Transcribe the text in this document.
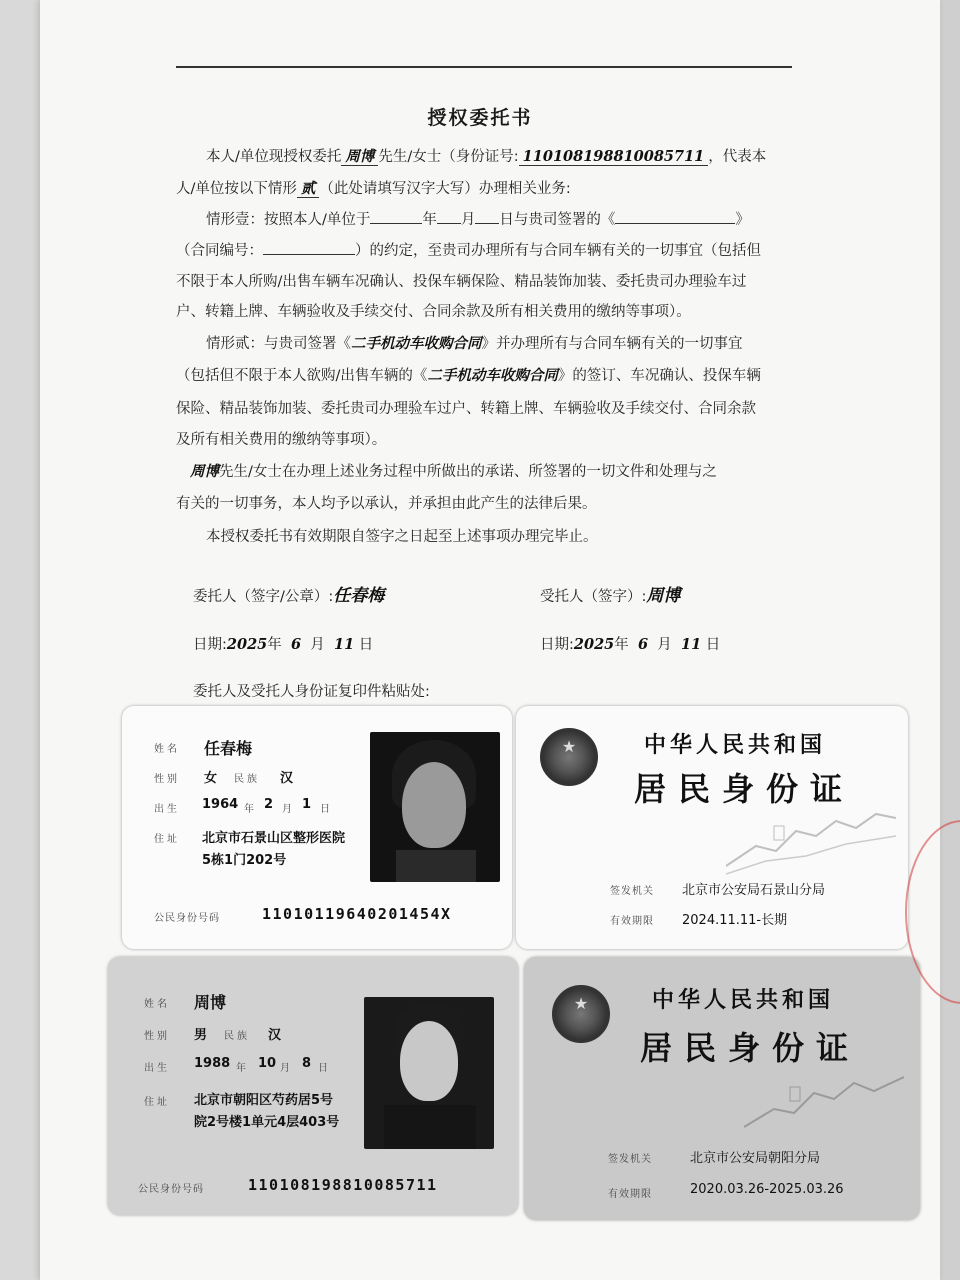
授权委托书
本人/单位现授权委托 周博 先生/女士（身份证号: 110108198810085711 ，代表本
人/单位按以下情形 贰 （此处请填写汉字大写）办理相关业务:
情形壹：按照本人/单位于	年 月 日与贵司签署的《	》
（合同编号：	）的约定，至贵司办理所有与合同车辆有关的一切事宜（包括但
不限于本人所购/出售车辆车况确认、投保车辆保险、精品装饰加装、委托贵司办理验车过
户、转籍上牌、车辆验收及手续交付、合同余款及所有相关费用的缴纳等事项）。
情形贰：与贵司签署《二手机动车收购合同》并办理所有与合同车辆有关的一切事宜
（包括但不限于本人欲购/出售车辆的《二手机动车收购合同》的签订、车况确认、投保车辆
保险、精品装饰加装、委托贵司办理验车过户、转籍上牌、车辆验收及手续交付、合同余款
及所有相关费用的缴纳等事项）。
周博先生/女士在办理上述业务过程中所做出的承诺、所签署的一切文件和处理与之
有关的一切事务，本人均予以承认，并承担由此产生的法律后果。
本授权委托书有效期限自签字之日起至上述事项办理完毕止。
委托人（签字/公章）:任春梅	受托人（签字）:周博
日期:2025年 6 月 11 日	日期:2025年 6 月 11 日
委托人及受托人身份证复印件粘贴处:
姓名 任春梅
性别 女 民族 汉
出生 1964 年 2 月 1 日
住址 北京市石景山区整形医院
5栋1门202号
公民身份号码	11010119640201454X
★
中华人民共和国
居民身份证
签发机关 北京市公安局石景山分局
有效期限 2024.11.11-长期
姓名 周博
性别 男 民族 汉
出生 1988 年 10 月 8 日
住址 北京市朝阳区芍药居5号
院2号楼1单元4层403号
公民身份号码	110108198810085711
★
中华人民共和国
居民身份证
签发机关	北京市公安局朝阳分局
有效期限	2020.03.26-2025.03.26
